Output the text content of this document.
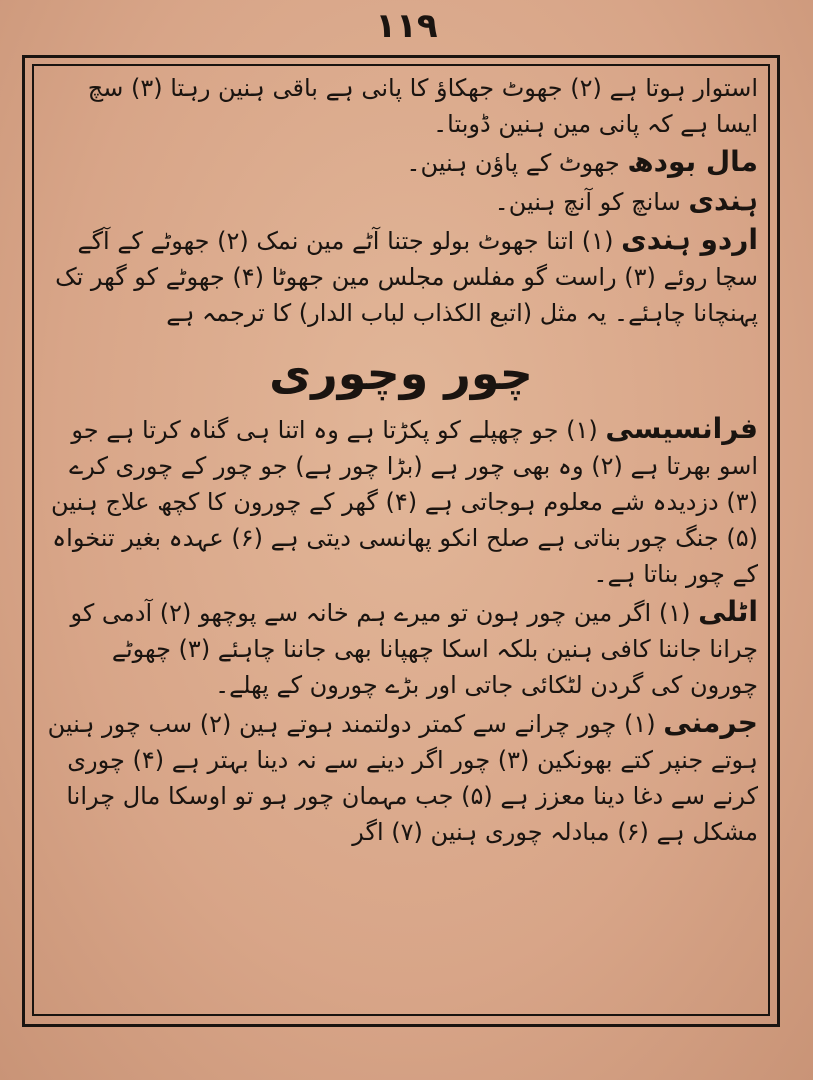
۱۱۹

استوار ہوتا ہے (۲) جھوٹ جھکاؤ کا پانی ہے باقی ہنین رہتا (۳) سچ ایسا ہے کہ پانی مین ہنین ڈوبتا۔

مال بودھ جھوٹ کے پاؤن ہنین۔

ہندی سانچ کو آنچ ہنین۔

اردو ہندی (۱) اتنا جھوٹ بولو جتنا آٹے مین نمک (۲) جھوٹے کے آگے سچا روئے (۳) راست گو مفلس مجلس مین جھوٹا (۴) جھوٹے کو گھر تک پہنچانا چاہئے۔ یہ مثل (اتبع الکذاب لباب الدار) کا ترجمہ ہے

چور وچوری

فرانسیسی (۱) جو چھپلے کو پکڑتا ہے وہ اتنا ہی گناہ کرتا ہے جو اسو بھرتا ہے (۲) وہ بھی چور ہے (بڑا چور ہے) جو چور کے چوری کرے (۳) دزدیدہ شے معلوم ہوجاتی ہے (۴) گھر کے چورون کا کچھ علاج ہنین (۵) جنگ چور بناتی ہے صلح انکو پھانسی دیتی ہے (۶) عہدہ بغیر تنخواہ کے چور بناتا ہے۔

اٹلی (۱) اگر مین چور ہون تو میرے ہم خانہ سے پوچھو (۲) آدمی کو چرانا جاننا کافی ہنین بلکہ اسکا چھپانا بھی جاننا چاہئے (۳) چھوٹے چورون کی گردن لٹکائی جاتی اور بڑے چورون کے پھلے۔

جرمنی (۱) چور چرانے سے کمتر دولتمند ہوتے ہین (۲) سب چور ہنین ہوتے جنپر کتے بھونکین (۳) چور اگر دینے سے نہ دینا بہتر ہے (۴) چوری کرنے سے دغا دینا معزز ہے (۵) جب مہمان چور ہو تو اوسکا مال چرانا مشکل ہے (۶) مبادلہ چوری ہنین (۷) اگر
